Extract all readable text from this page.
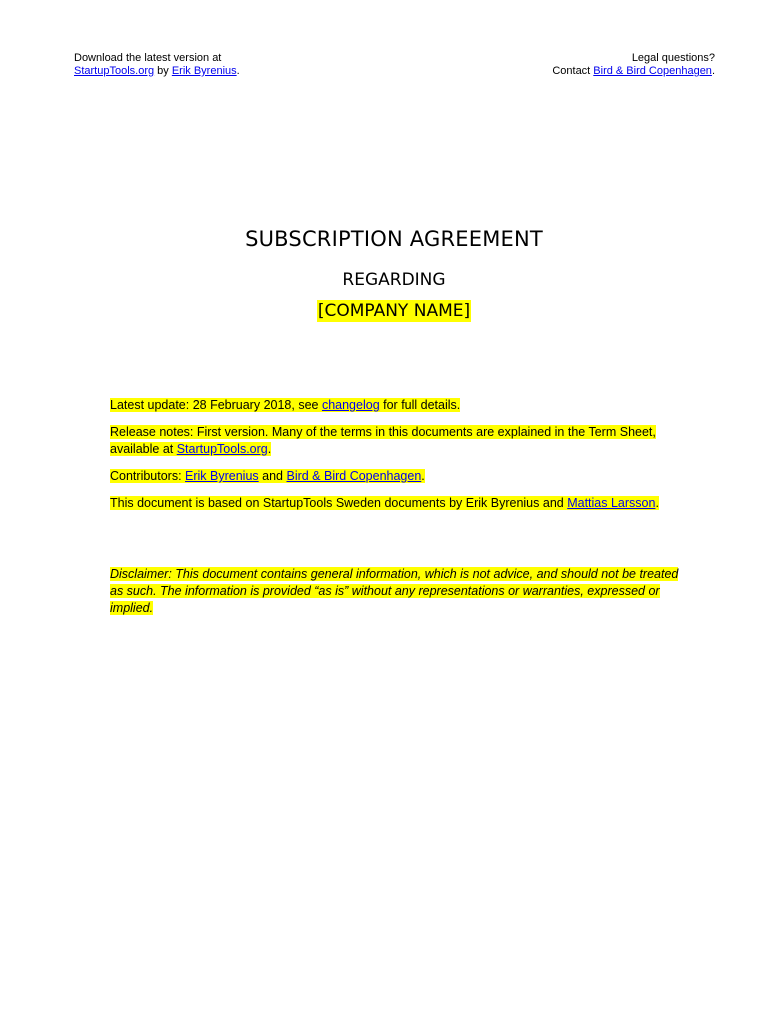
Download the latest version at
StartupTools.org by Erik Byrenius.
Legal questions?
Contact Bird & Bird Copenhagen.
SUBSCRIPTION AGREEMENT
REGARDING
[COMPANY NAME]

Latest update: 28 February 2018, see changelog for full details.

Release notes: First version. Many of the terms in this documents are explained in the Term Sheet, available at StartupTools.org.

Contributors: Erik Byrenius and Bird & Bird Copenhagen.

This document is based on StartupTools Sweden documents by Erik Byrenius and Mattias Larsson.

Disclaimer: This document contains general information, which is not advice, and should not be treated as such. The information is provided “as is” without any representations or warranties, expressed or implied.
